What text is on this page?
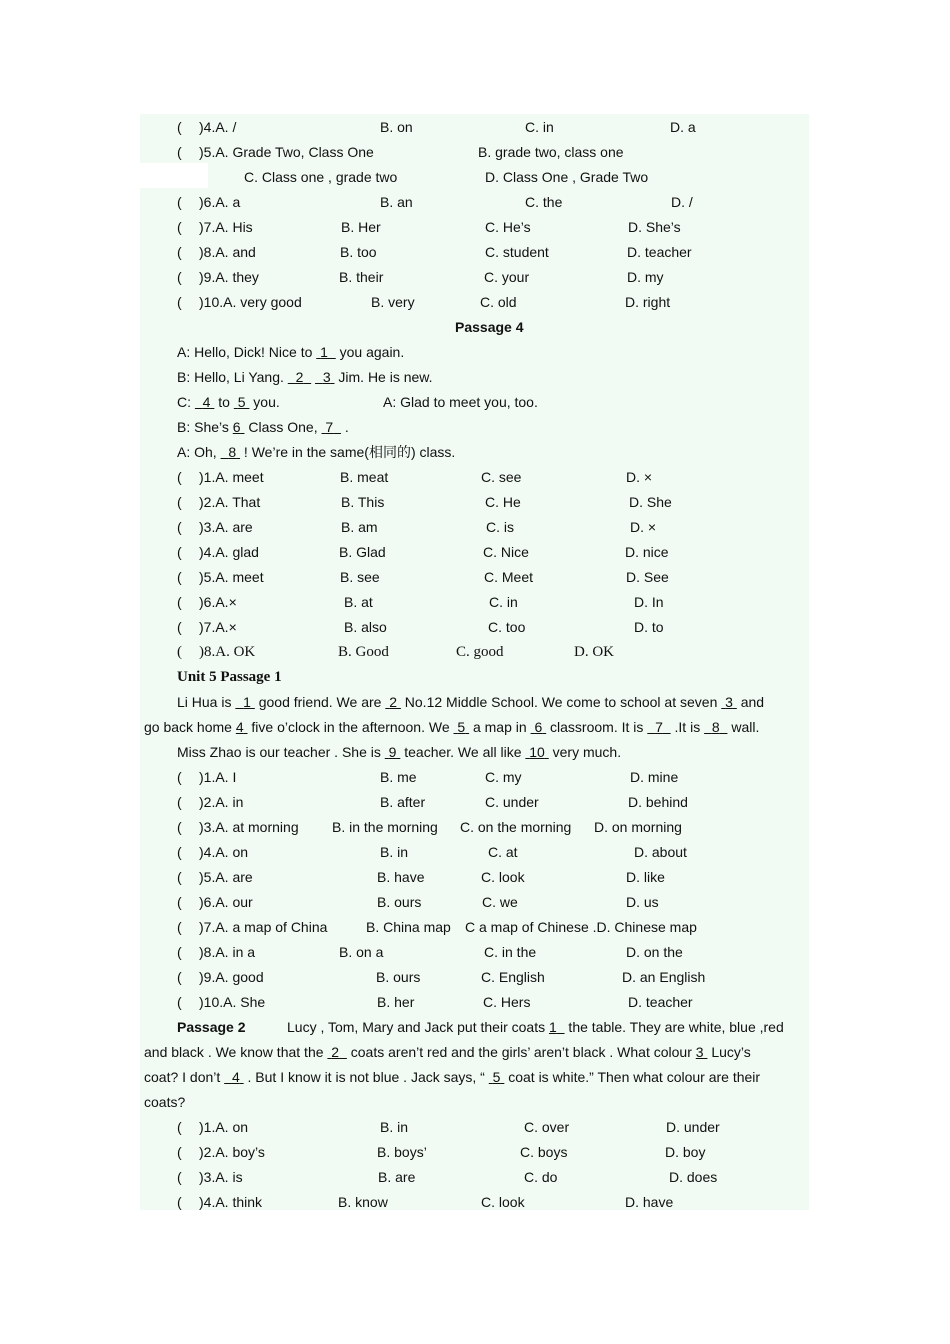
( )4.A. /	B. on	C. in	D. a
( )5.A. Grade Two, Class One	B. grade two, class one
C. Class one , grade two	D. Class One , Grade Two
( )6.A. a	B. an	C. the	D. /
( )7.A. His	B. Her	C. He’s	D. She’s
( )8.A. and	B. too	C. student	D. teacher
( )9.A. they	B. their	C. your	D. my
( )10.A. very good	B. very	C. old	D. right
Passage 4
A: Hello, Dick! Nice to  1   you again.
B: Hello, Li Yang.   2 3  Jim. He is new.
C:   4  to  5  you.	A: Glad to meet you, too.
B: She’s 6  Class One,  7   .
A: Oh,   8  ! We’re in the same(相同的) class.
( )1.A. meet	B. meat	C. see	D. ×
( )2.A. That	B. This	C. He	D. She
( )3.A. are	B. am	C. is	D. ×
( )4.A. glad	B. Glad	C. Nice	D. nice
( )5.A. meet	B. see	C. Meet	D. See
( )6.A.×	B. at	C. in	D. In
( )7.A.×	B. also	C. too	D. to
( )8.A. OK	B. Good	C. good	D. OK
Unit 5 Passage 1
Li Hua is   1  good friend. We are  2  No.12 Middle School. We come to school at seven  3  and
go back home 4  five o’clock in the afternoon. We  5  a map in  6  classroom. It is   7   .It is   8   wall.
Miss Zhao is our teacher . She is  9  teacher. We all like  10  very much.
( )1.A. I	B. me	C. my	D. mine
( )2.A. in	B. after	C. under	D. behind
( )3.A. at morning B. in the morning C. on the morning D. on morning
( )4.A. on	B. in	C. at	D. about
( )5.A. are	B. have	C. look	D. like
( )6.A. our	B. ours	C. we	D. us
( )7.A. a map of China	B. China map C a map of Chinese .D. Chinese map
( )8.A. in a	B. on a	C. in the	D. on the
( )9.A. good	B. ours	C. English	D. an English
( )10.A. She	B. her	C. Hers	D. teacher
Passage 2	Lucy , Tom, Mary and Jack put their coats 1   the table. They are white, blue ,red
and black . We know that the  2   coats aren’t red and the girls’ aren’t black . What colour 3  Lucy’s
coat? I don’t   4  . But I know it is not blue . Jack says, “  5  coat is white.” Then what colour are their
coats?
( )1.A. on	B. in	C. over	D. under
( )2.A. boy’s	B. boys’	C. boys	D. boy
( )3.A. is	B. are	C. do	D. does
( )4.A. think	B. know	C. look	D. have
